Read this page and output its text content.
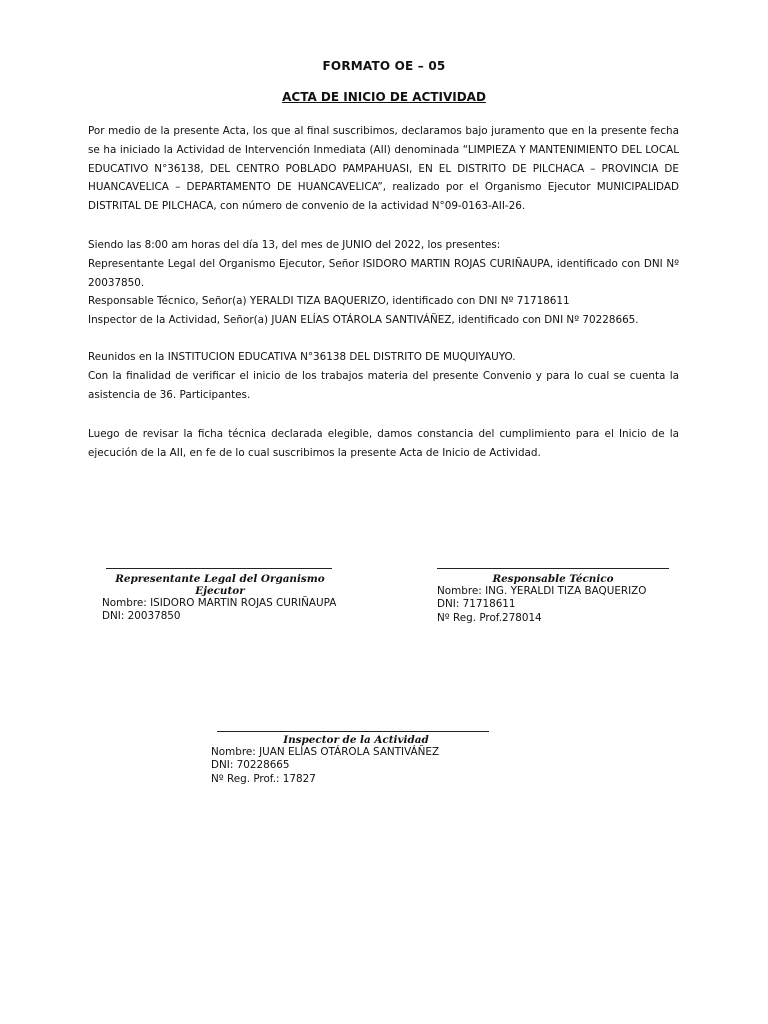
FORMATO OE – 05
ACTA DE INICIO DE ACTIVIDAD

Por medio de la presente Acta, los que al final suscribimos, declaramos bajo juramento que en la presente fecha se ha iniciado la Actividad de Intervención Inmediata (AII) denominada “LIMPIEZA Y MANTENIMIENTO DEL LOCAL EDUCATIVO N°36138, DEL CENTRO POBLADO PAMPAHUASI, EN EL DISTRITO DE PILCHACA – PROVINCIA DE HUANCAVELICA – DEPARTAMENTO DE HUANCAVELICA”, realizado por el Organismo Ejecutor MUNICIPALIDAD DISTRITAL DE PILCHACA, con número de convenio de la actividad N°09-0163-AII-26.

Siendo las 8:00 am horas del día 13, del mes de JUNIO del 2022, los presentes:

Representante Legal del Organismo Ejecutor, Señor ISIDORO MARTIN ROJAS CURIÑAUPA, identificado con DNI Nº 20037850.

Responsable Técnico, Señor(a) YERALDI TIZA BAQUERIZO, identificado con DNI Nº 71718611

Inspector de la Actividad, Señor(a) JUAN ELÍAS OTÁROLA SANTIVÁÑEZ, identificado con DNI Nº 70228665.

Reunidos en la INSTITUCION EDUCATIVA N°36138 DEL DISTRITO DE MUQUIYAUYO.

Con la finalidad de verificar el inicio de los trabajos materia del presente Convenio y para lo cual se cuenta la asistencia de 36. Participantes.

Luego de revisar la ficha técnica declarada elegible, damos constancia del cumplimiento para el Inicio de la ejecución de la AII, en fe de lo cual suscribimos la presente Acta de Inicio de Actividad.

Representante Legal del Organismo Ejecutor
Nombre: ISIDORO MARTIN ROJAS CURIÑAUPA
DNI: 20037850
Responsable Técnico
Nombre: ING. YERALDI TIZA BAQUERIZO
DNI: 71718611
Nº Reg. Prof.278014
Inspector de la Actividad
Nombre: JUAN ELÍAS OTÁROLA SANTIVÁÑEZ
DNI: 70228665
Nº Reg. Prof.: 17827
